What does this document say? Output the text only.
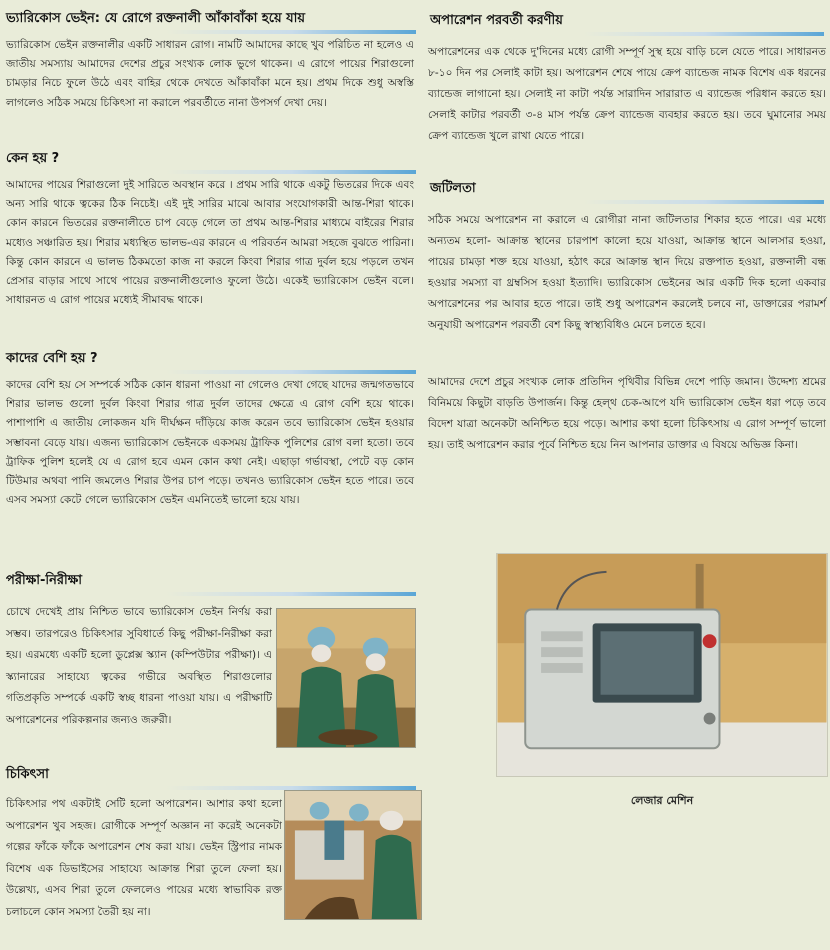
ভ্যারিকোস ভেইন: যে রোগে রক্তনালী আঁকাবাঁকা হয়ে যায়
ভ্যারিকোস ভেইন রক্তনালীর একটি সাধারন রোগ। নামটি আমাদের কাছে খুব পরিচিত না হলেও এ জাতীয় সমস্যায় আমাদের দেশের প্রচুর সংখ্যক লোক ভুগে থাকেন। এ রোগে পায়ের শিরাগুলো চামড়ার নিচে ফুলে উঠে এবং বাহির থেকে দেখতে আঁকাবাঁকা মনে হয়। প্রথম দিকে শুধু অস্বস্তি লাগলেও সঠিক সময়ে চিকিৎসা না করালে পরবর্তীতে নানা উপসর্গ দেখা দেয়।
কেন হয় ?
আমাদের পায়ের শিরাগুলো দুই সারিতে অবস্থান করে । প্রথম সারি থাকে একটু ভিতরের দিকে এবং অন্য সারি থাকে ত্বকের ঠিক নিচেই। এই দুই সারির মাঝে আবার সংযোগকারী আন্ত-শিরা থাকে। কোন কারনে ভিতরের রক্তনালীতে চাপ বেড়ে গেলে তা প্রথম আন্ত-শিরার মাধ্যমে বাইরের শিরার মধ্যেও সঞ্চারিত হয়। শিরার মধ্যস্থিত ভালভ-এর কারনে এ পরিবর্তন আমরা সহজে বুঝতে পারিনা। কিন্তু কোন কারনে এ ভালভ ঠিকমতো কাজ না করলে কিংবা শিরার গাত্র দুর্বল হয়ে পড়লে তখন প্রেসার বাড়ার সাথে সাথে পায়ের রক্তনালীগুলোও ফুলো উঠে। একেই ভ্যারিকোস ভেইন বলে। সাধারনত এ রোগ পায়ের মধ্যেই সীমাবদ্ধ থাকে।
কাদের বেশি হয় ?
কাদের বেশি হয় সে সম্পর্কে সঠিক কোন ধারনা পাওয়া না গেলেও দেখা গেছে যাদের জন্মগতভাবে শিরার ভালভ গুলো দুর্বল কিংবা শিরার গাত্র দুর্বল তাদের ক্ষেত্রে এ রোগ বেশি হয়ে থাকে। পাশাপাশি এ জাতীয় লোকজন যদি দীর্ঘক্ষন দাঁড়িয়ে কাজ করেন তবে ভ্যারিকোস ভেইন হওয়ার সম্ভাবনা বেড়ে যায়। এজন্য ভ্যারিকোস ভেইনকে একসময় ট্রাফিক পুলিশের রোগ বলা হতো। তবে ট্রাফিক পুলিশ হলেই যে এ রোগ হবে এমন কোন কথা নেই। এছাড়া গর্ভাবস্থা, পেটে বড় কোন টিউমার অথবা পানি জমলেও শিরার উপর চাপ পড়ে। তখনও ভ্যারিকোস ভেইন হতে পারে। তবে এসব সমস্যা কেটে গেলে ভ্যারিকোস ভেইন এমনিতেই ভালো হয়ে যায়।
পরীক্ষা-নিরীক্ষা
চোখে দেখেই প্রায় নিশ্চিত ভাবে ভ্যারিকোস ভেইন নির্ণয় করা সম্ভব। তারপরেও চিকিৎসার সুবিধার্তে কিছু পরীক্ষা-নিরীক্ষা করা হয়। এরমধ্যে একটি হলো ডুপ্লেক্স স্ক্যান (কম্পিউটার পরীক্ষা)। এ স্ক্যানারের সাহায্যে ত্বকের গভীরে অবস্থিত শিরাগুলোর গতিপ্রকৃতি সম্পর্কে একটি স্বচ্ছ ধারনা পাওয়া যায়। এ পরীক্ষাটি অপারেশনের পরিকল্পনার জন্যও জরুরী।
চিকিৎসা
চিকিৎসার পথ একটাই সেটি হলো অপারেশন। আশার কথা হলো অপারেশন খুব সহজ। রোগীকে সম্পূর্ণ অজ্ঞান না করেই অনেকটা গল্পের ফাঁকে ফাঁকে অপারেশন শেষ করা যায়। ভেইন স্ট্রিপার নামক বিশেষ এক ডিভাইসের সাহায্যে আক্রান্ত শিরা তুলে ফেলা হয়। উল্লেখ্য, এসব শিরা তুলে ফেললেও পায়ের মধ্যে স্বাভাবিক রক্ত চলাচলে কোন সমস্যা তৈরী হয় না।
অপারেশন পরবর্তী করণীয়
অপারেশনের এক থেকে দু'দিনের মধ্যে রোগী সম্পূর্ণ সুস্থ হয়ে বাড়ি চলে যেতে পারে। সাধারনত ৮-১০ দিন পর সেলাই কাটা হয়। অপারেশন শেষে পায়ে ক্রেপ ব্যান্ডেজ নামক বিশেষ এক ধরনের ব্যান্ডেজ লাগানো হয়। সেলাই না কাটা পর্যন্ত সারাদিন সারারাত এ ব্যান্ডেজ পরিধান করতে হয়। সেলাই কাটার পরবর্তী ৩-৪ মাস পর্যন্ত ক্রেপ ব্যান্ডেজ ব্যবহার করতে হয়। তবে ঘুমানোর সময় ক্রেপ ব্যান্ডেজ খুলে রাখা যেতে পারে।
জটিলতা
সঠিক সময়ে অপারেশন না করালে এ রোগীরা নানা জটিলতার শিকার হতে পারে। এর মধ্যে অন্যতম হলো- আক্রান্ত স্থানের চারপাশ কালো হয়ে যাওয়া, আক্রান্ত স্থানে আলসার হওয়া, পায়ের চামড়া শক্ত হয়ে যাওয়া, হঠাৎ করে আক্রান্ত স্থান দিয়ে রক্তপাত হওয়া, রক্তনালী বন্ধ হওয়ার সমস্যা বা থ্রম্বসিস হওয়া ইত্যাদি। ভ্যারিকোস ভেইনের আর একটি দিক হলো একবার অপারেশনের পর আবার হতে পারে। তাই শুধু অপারেশন করলেই চলবে না, ডাক্তারের পরামর্শ অনুযায়ী অপারেশন পরবর্তী বেশ কিছু স্বাস্থ্যবিধিও মেনে চলতে হবে।
আমাদের দেশে প্রচুর সংখ্যক লোক প্রতিদিন পৃথিবীর বিভিন্ন দেশে পাড়ি জমান। উদ্দেশ্য শ্রমের বিনিময়ে কিছুটা বাড়তি উপার্জন। কিন্তু হেল্থ চেক-আপে যদি ভ্যারিকোস ভেইন ধরা পড়ে তবে বিদেশ যাত্রা অনেকটা অনিশ্চিত হয়ে পড়ে। আশার কথা হলো চিকিৎসায় এ রোগ সম্পূর্ণ ভালো হয়। তাই অপারেশন করার পূর্বে নিশ্চিত হয়ে নিন আপনার ডাক্তার এ বিষয়ে অভিজ্ঞ কিনা।
লেজার মেশিন
